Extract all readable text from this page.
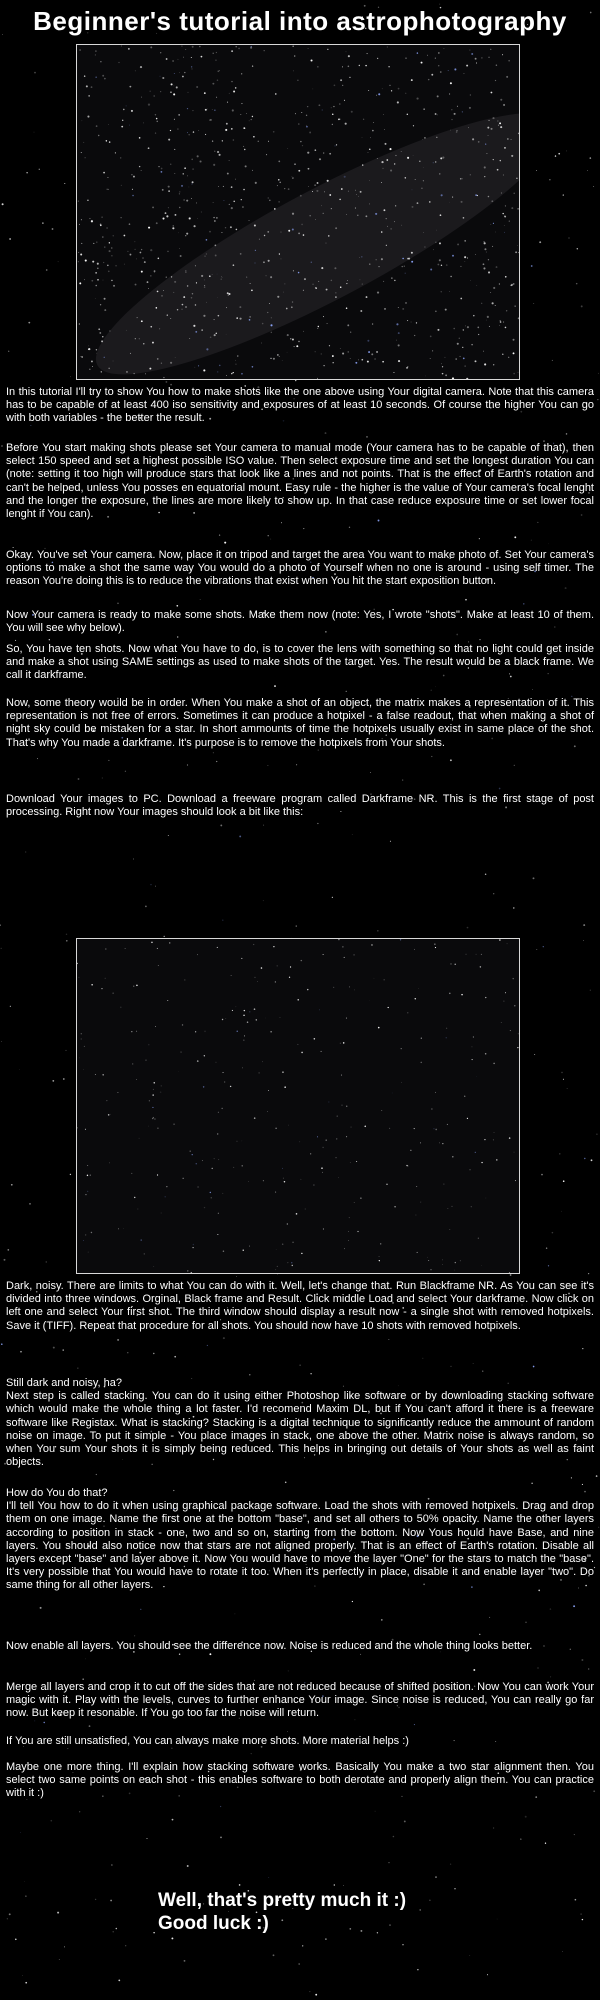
Beginner's tutorial into astrophotography

In this tutorial I'll try to show You how to make shots like the one above using Your digital camera. Note that this camera has to be capable of at least 400 iso sensitivity and exposures of at least 10 seconds. Of course the higher You can go with both variables - the better the result.

Before You start making shots please set Your camera to manual mode (Your camera has to be capable of that), then select 150 speed and set a highest possible ISO value. Then select exposure time and set the longest duration You can (note: setting it too high will produce stars that look like a lines and not points. That is the effect of Earth's rotation and can't be helped, unless You posses en equatorial mount. Easy rule - the higher is the value of Your camera's focal lenght and the longer the exposure, the lines are more likely to show up. In that case reduce exposure time or set lower focal lenght if You can).

Okay. You've set Your camera. Now, place it on tripod and target the area You want to make photo of. Set Your camera's options to make a shot the same way You would do a photo of Yourself when no one is around - using self timer. The reason You're doing this is to reduce the vibrations that exist when You hit the start exposition button.

Now Your camera is ready to make some shots. Make them now (note: Yes, I wrote "shots". Make at least 10 of them. You will see why below).

So, You have ten shots. Now what You have to do, is to cover the lens with something so that no light could get inside and make a shot using SAME settings as used to make shots of the target. Yes. The result would be a black frame. We call it darkframe.

Now, some theory would be in order. When You make a shot of an object, the matrix makes a representation of it. This representation is not free of errors. Sometimes it can produce a hotpixel - a false readout, that when making a shot of night sky could be mistaken for a star. In short ammounts of time the hotpixels usually exist in same place of the shot. That's why You made a darkframe. It's purpose is to remove the hotpixels from Your shots.

Download Your images to PC. Download a freeware program called Darkframe NR. This is the first stage of post processing. Right now Your images should look a bit like this:

Dark, noisy. There are limits to what You can do with it. Well, let's change that. Run Blackframe NR. As You can see it's divided into three windows. Orginal, Black frame and Result. Click middle Load and select Your darkframe. Now click on left one and select Your first shot. The third window should display a result now - a single shot with removed hotpixels. Save it (TIFF). Repeat that procedure for all shots. You should now have 10 shots with removed hotpixels.

Still dark and noisy, ha?
Next step is called stacking. You can do it using either Photoshop like software or by downloading stacking software which would make the whole thing a lot faster. I'd recomend Maxim DL, but if You can't afford it there is a freeware software like Registax. What is stacking? Stacking is a digital technique to significantly reduce the ammount of random noise on image. To put it simple - You place images in stack, one above the other. Matrix noise is always random, so when You sum Your shots it is simply being reduced. This helps in bringing out details of Your shots as well as faint objects.

How do You do that?
I'll tell You how to do it when using graphical package software. Load the shots with removed hotpixels. Drag and drop them on one image. Name the first one at the bottom "base", and set all others to 50% opacity. Name the other layers according to position in stack - one, two and so on, starting from the bottom. Now Yous hould have Base, and nine layers. You should also notice now that stars are not aligned properly. That is an effect of Earth's rotation. Disable all layers except "base" and layer above it. Now You would have to move the layer "One" for the stars to match the "base". It's very possible that You would have to rotate it too. When it's perfectly in place, disable it and enable layer "two". Do same thing for all other layers.

Now enable all layers. You should see the difference now. Noise is reduced and the whole thing looks better.

Merge all layers and crop it to cut off the sides that are not reduced because of shifted position. Now You can work Your magic with it. Play with the levels, curves to further enhance Your image. Since noise is reduced, You can really go far now. But keep it resonable. If You go too far the noise will return.

If You are still unsatisfied, You can always make more shots. More material helps :)

Maybe one more thing. I'll explain how stacking software works. Basically You make a two star alignment then. You select two same points on each shot - this enables software to both derotate and properly align them. You can practice with it :)

Well, that's pretty much it :)
Good luck :)
